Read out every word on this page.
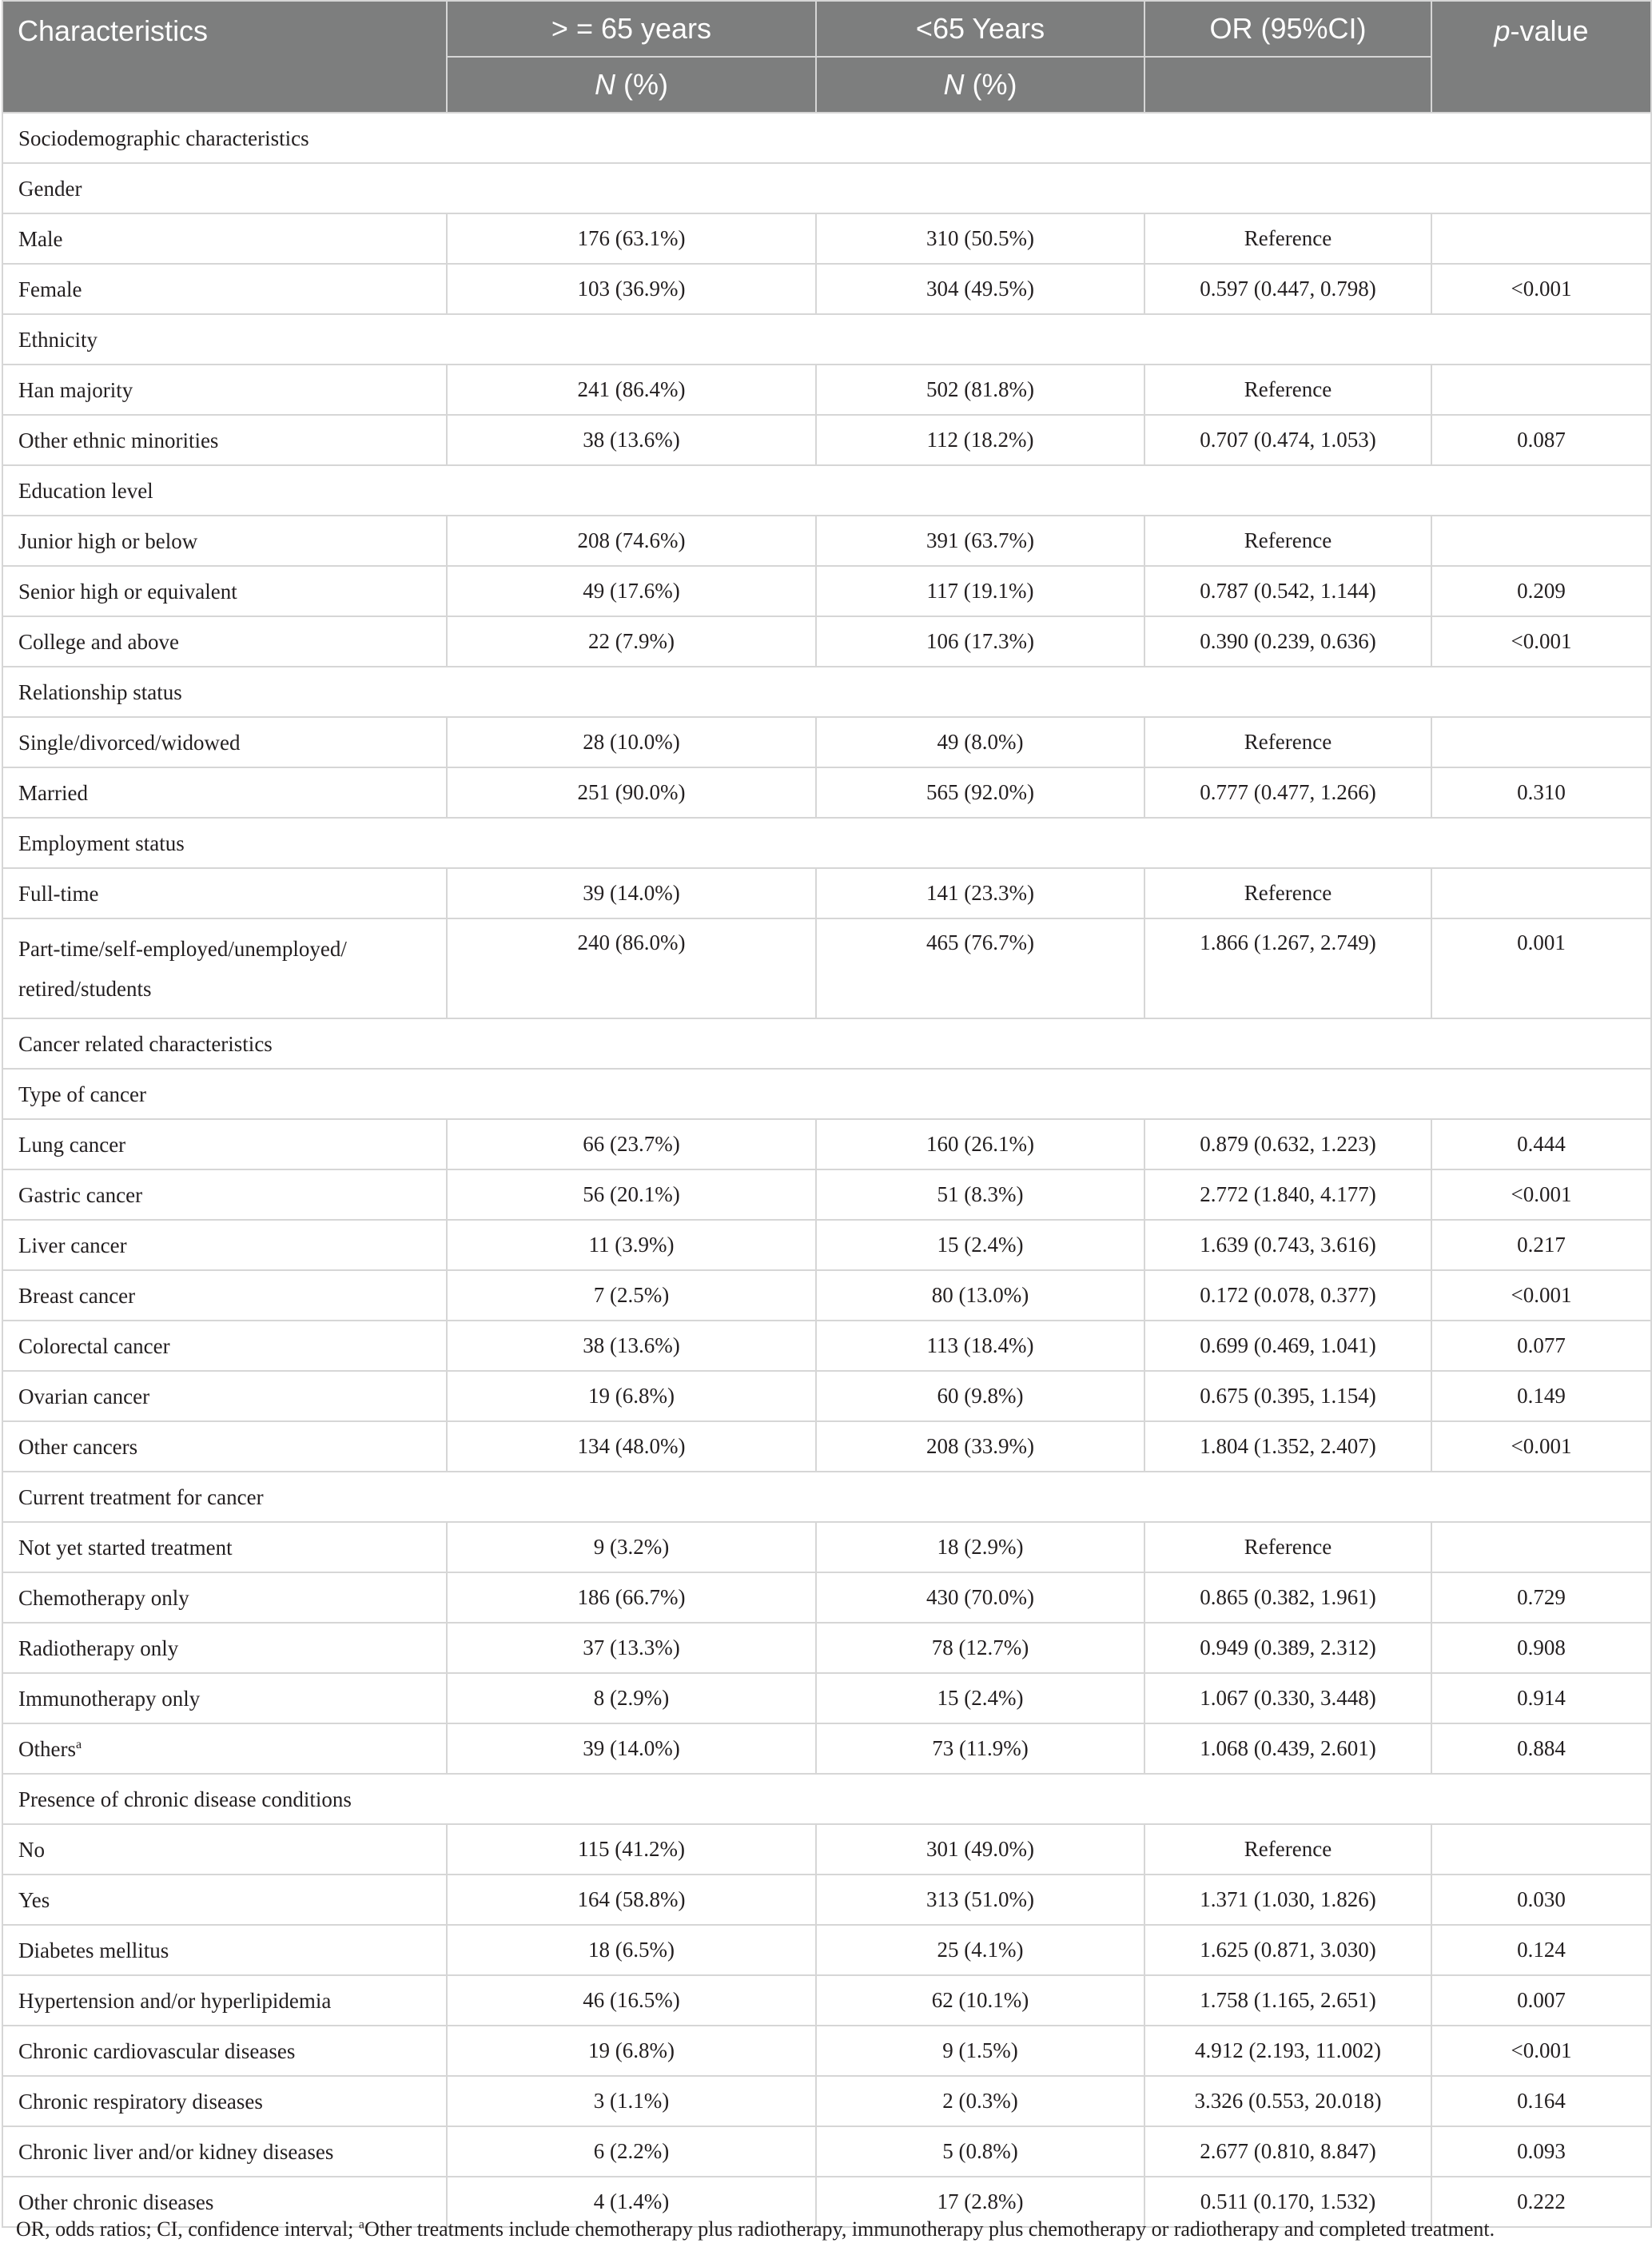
Characteristics	> = 65 years	<65 Years	OR (95%CI)	p-value
	N (%)	N (%)		
Sociodemographic characteristics				
Gender				
Male	176 (63.1%)	310 (50.5%)	Reference	
Female	103 (36.9%)	304 (49.5%)	0.597 (0.447, 0.798)	<0.001
Ethnicity				
Han majority	241 (86.4%)	502 (81.8%)	Reference	
Other ethnic minorities	38 (13.6%)	112 (18.2%)	0.707 (0.474, 1.053)	0.087
Education level				
Junior high or below	208 (74.6%)	391 (63.7%)	Reference	
Senior high or equivalent	49 (17.6%)	117 (19.1%)	0.787 (0.542, 1.144)	0.209
College and above	22 (7.9%)	106 (17.3%)	0.390 (0.239, 0.636)	<0.001
Relationship status				
Single/divorced/widowed	28 (10.0%)	49 (8.0%)	Reference	
Married	251 (90.0%)	565 (92.0%)	0.777 (0.477, 1.266)	0.310
Employment status				
Full-time	39 (14.0%)	141 (23.3%)	Reference	
Part-time/self-employed/unemployed/
retired/students	240 (86.0%)	465 (76.7%)	1.866 (1.267, 2.749)	0.001
Cancer related characteristics				
Type of cancer				
Lung cancer	66 (23.7%)	160 (26.1%)	0.879 (0.632, 1.223)	0.444
Gastric cancer	56 (20.1%)	51 (8.3%)	2.772 (1.840, 4.177)	<0.001
Liver cancer	11 (3.9%)	15 (2.4%)	1.639 (0.743, 3.616)	0.217
Breast cancer	7 (2.5%)	80 (13.0%)	0.172 (0.078, 0.377)	<0.001
Colorectal cancer	38 (13.6%)	113 (18.4%)	0.699 (0.469, 1.041)	0.077
Ovarian cancer	19 (6.8%)	60 (9.8%)	0.675 (0.395, 1.154)	0.149
Other cancers	134 (48.0%)	208 (33.9%)	1.804 (1.352, 2.407)	<0.001
Current treatment for cancer				
Not yet started treatment	9 (3.2%)	18 (2.9%)	Reference	
Chemotherapy only	186 (66.7%)	430 (70.0%)	0.865 (0.382, 1.961)	0.729
Radiotherapy only	37 (13.3%)	78 (12.7%)	0.949 (0.389, 2.312)	0.908
Immunotherapy only	8 (2.9%)	15 (2.4%)	1.067 (0.330, 3.448)	0.914
Others$^a$	39 (14.0%)	73 (11.9%)	1.068 (0.439, 2.601)	0.884
Presence of chronic disease conditions				
No	115 (41.2%)	301 (49.0%)	Reference	
Yes	164 (58.8%)	313 (51.0%)	1.371 (1.030, 1.826)	0.030
Diabetes mellitus	18 (6.5%)	25 (4.1%)	1.625 (0.871, 3.030)	0.124
Hypertension and/or hyperlipidemia	46 (16.5%)	62 (10.1%)	1.758 (1.165, 2.651)	0.007
Chronic cardiovascular diseases	19 (6.8%)	9 (1.5%)	4.912 (2.193, 11.002)	<0.001
Chronic respiratory diseases	3 (1.1%)	2 (0.3%)	3.326 (0.553, 20.018)	0.164
Chronic liver and/or kidney diseases	6 (2.2%)	5 (0.8%)	2.677 (0.810, 8.847)	0.093
Other chronic diseases	4 (1.4%)	17 (2.8%)	0.511 (0.170, 1.532)	0.222
OR, odds ratios; CI, confidence interval; $^a$Other treatments include chemotherapy plus radiotherapy, immunotherapy plus chemotherapy or radiotherapy and completed treatment.
